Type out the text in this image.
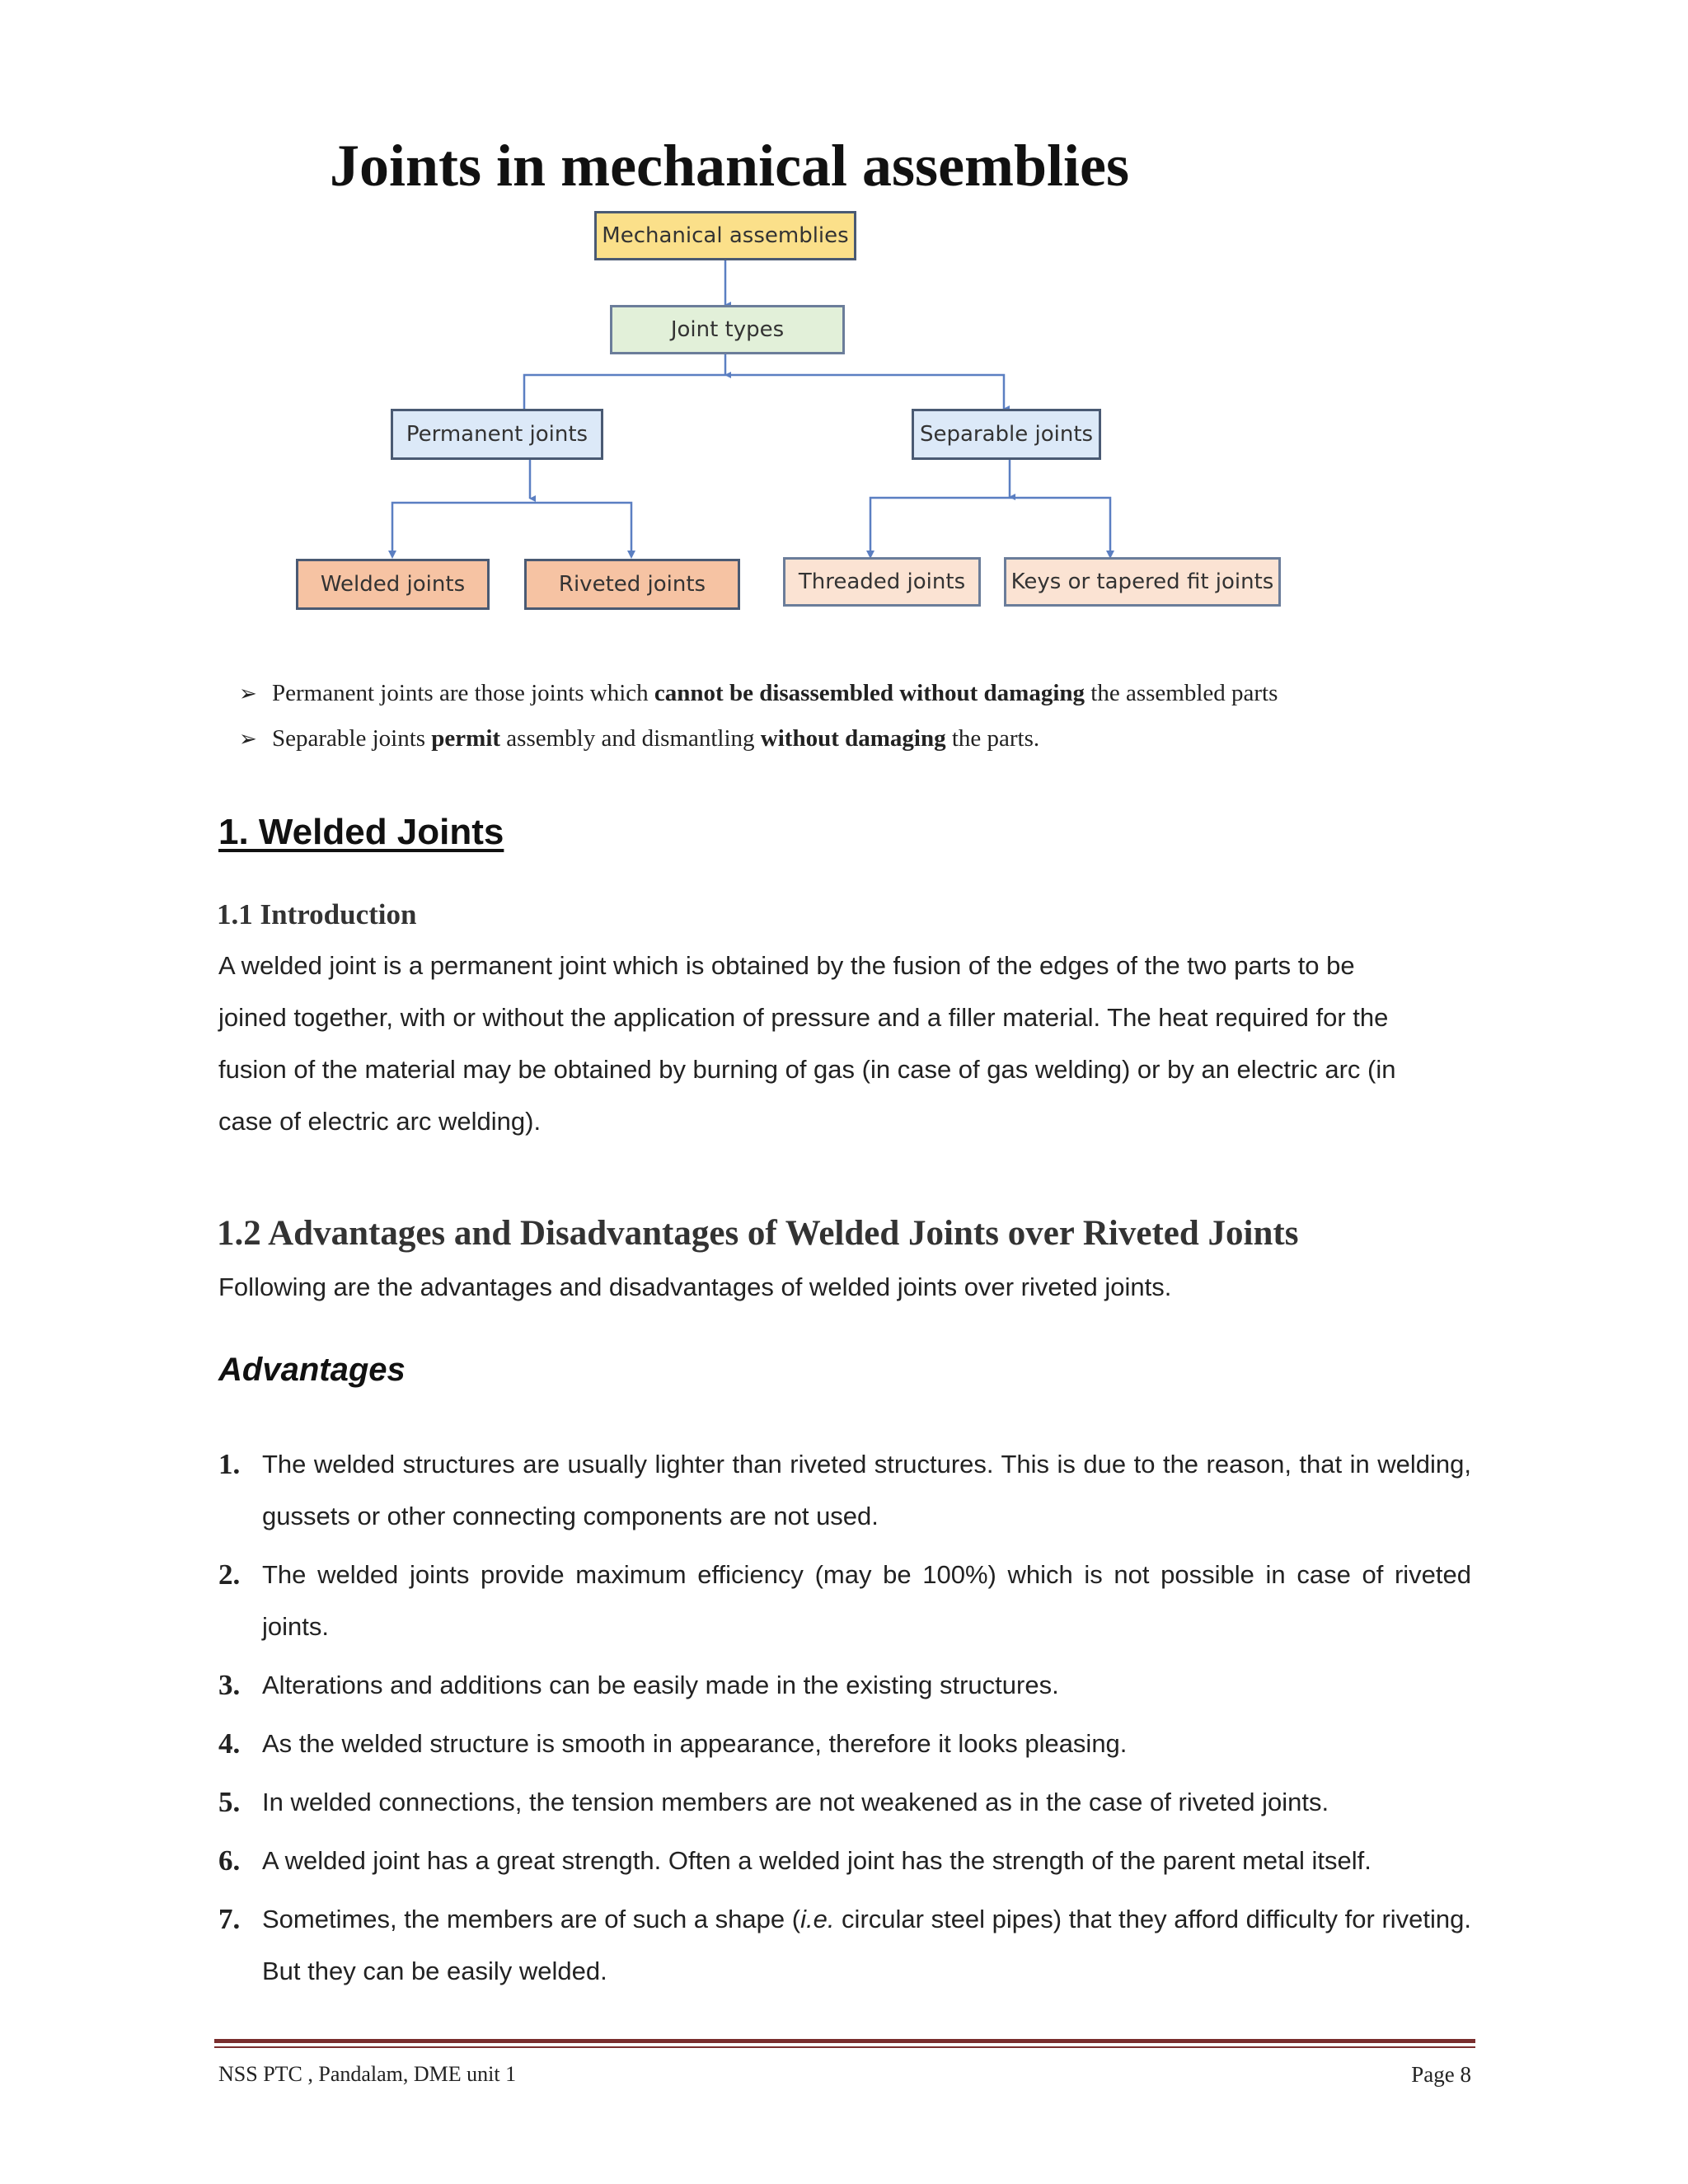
Joints in mechanical assemblies
Mechanical assemblies
Joint types
Permanent joints	Separable joints
Welded joints	Riveted joints	Threaded joints	Keys or tapered fit joints
➢ Permanent joints are those joints which cannot be disassembled without damaging the assembled parts
➢ Separable joints permit assembly and dismantling without damaging the parts.
1. Welded Joints
1.1 Introduction
A welded joint is a permanent joint which is obtained by the fusion of the edges of the two parts to be
joined together, with or without the application of pressure and a filler material. The heat required for the
fusion of the material may be obtained by burning of gas (in case of gas welding) or by an electric arc (in
case of electric arc welding).
1.2 Advantages and Disadvantages of Welded Joints over Riveted Joints
Following are the advantages and disadvantages of welded joints over riveted joints.
Advantages
1. The welded structures are usually lighter than riveted structures. This is due to the reason, that in welding, gussets or other connecting components are not used.
2. The welded joints provide maximum efficiency (may be 100%) which is not possible in case of riveted joints.
3. Alterations and additions can be easily made in the existing structures.
4. As the welded structure is smooth in appearance, therefore it looks pleasing.
5. In welded connections, the tension members are not weakened as in the case of riveted joints.
6. A welded joint has a great strength. Often a welded joint has the strength of the parent metal itself.
7. Sometimes, the members are of such a shape (i.e. circular steel pipes) that they afford difficulty for riveting. But they can be easily welded.
NSS PTC , Pandalam, DME unit 1	Page 8
